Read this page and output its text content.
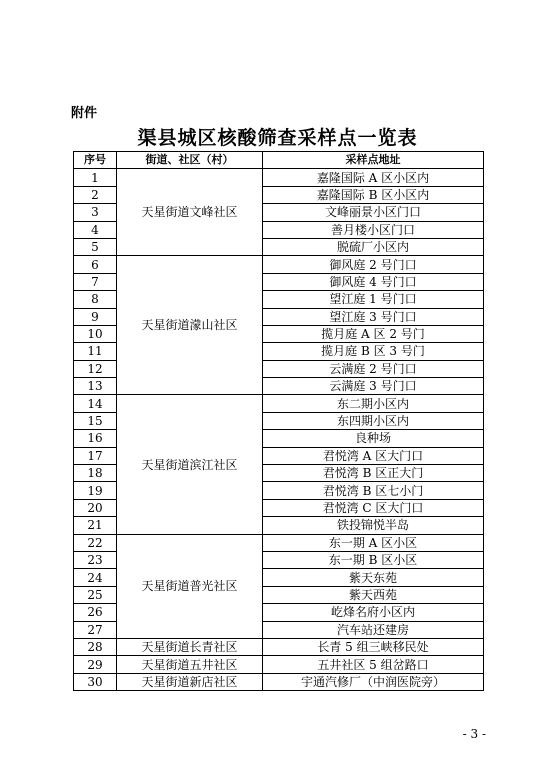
附件
渠县城区核酸筛查采样点一览表
序号	街道、社区（村）	采样点地址
1	天星街道文峰社区	嘉隆国际 A 区小区内
2		嘉隆国际 B 区小区内
3		文峰丽景小区门口
4		善月楼小区门口
5		脱硫厂小区内
6	天星街道濛山社区	御风庭 2 号门口
7		御风庭 4 号门口
8		望江庭 1 号门口
9		望江庭 3 号门口
10		揽月庭 A 区 2 号门
11		揽月庭 B 区 3 号门
12		云满庭 2 号门口
13		云满庭 3 号门口
14	天星街道滨江社区	东二期小区内
15		东四期小区内
16		良种场
17		君悦湾 A 区大门口
18		君悦湾 B 区正大门
19		君悦湾 B 区七小门
20		君悦湾 C 区大门口
21		铁投锦悦半岛
22	天星街道普光社区	东一期 A 区小区
23		东一期 B 区小区
24		紫天东苑
25		紫天西苑
26		屹烽名府小区内
27		汽车站还建房
28	天星街道长青社区	长青 5 组三峡移民处
29	天星街道五井社区	五井社区 5 组岔路口
30	天星街道新店社区	宇通汽修厂（中润医院旁）
- 3 -
